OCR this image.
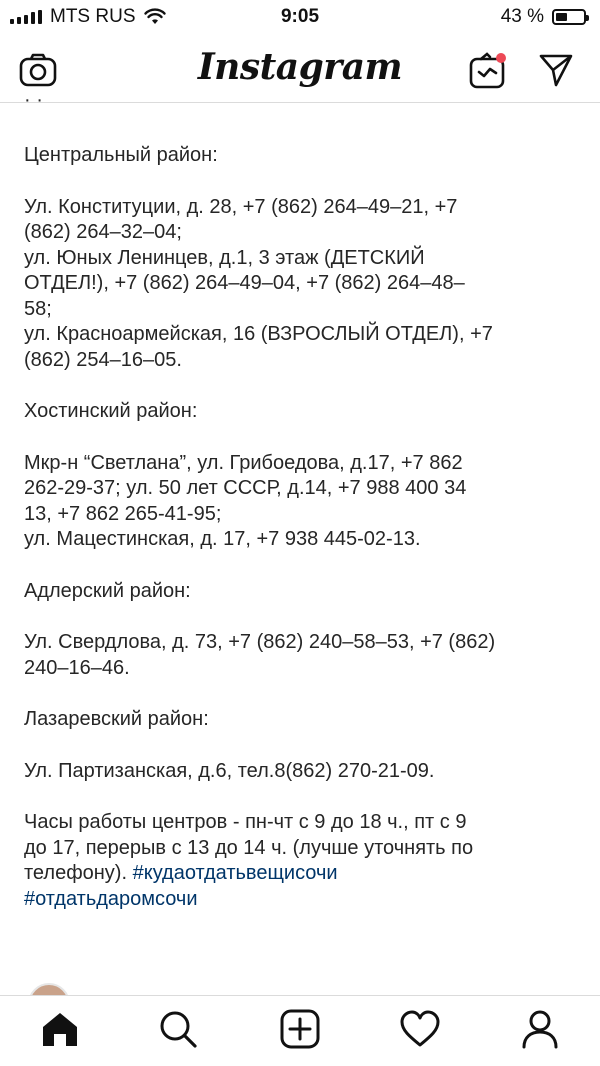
MTS RUS	9:05	43 %
Instagram
· ·

Центральный район:

Ул. Конституции, д. 28, +7 (862) 264–49–21, +7
(862) 264–32–04;
ул. Юных Ленинцев, д.1, 3 этаж (ДЕТСКИЙ
ОТДЕЛ!), +7 (862) 264–49–04, +7 (862) 264–48–
58;
ул. Красноармейская, 16 (ВЗРОСЛЫЙ ОТДЕЛ), +7
(862) 254–16–05.

Хостинский район:

Мкр-н “Светлана”, ул. Грибоедова, д.17, +7 862
262-29-37; ул. 50 лет СССР, д.14, +7 988 400 34
13, +7 862 265-41-95;
ул. Мацестинская, д. 17, +7 938 445-02-13.

Адлерский район:

Ул. Свердлова, д. 73, +7 (862) 240–58–53, +7 (862)
240–16–46.

Лазаревский район:

Ул. Партизанская, д.6, тел.8(862) 270-21-09.

Часы работы центров - пн-чт с 9 до 18 ч., пт с 9
до 17, перерыв с 13 до 14 ч. (лучше уточнять по
телефону). #кудаотдатьвещисочи
#отдатьдаромсочи
